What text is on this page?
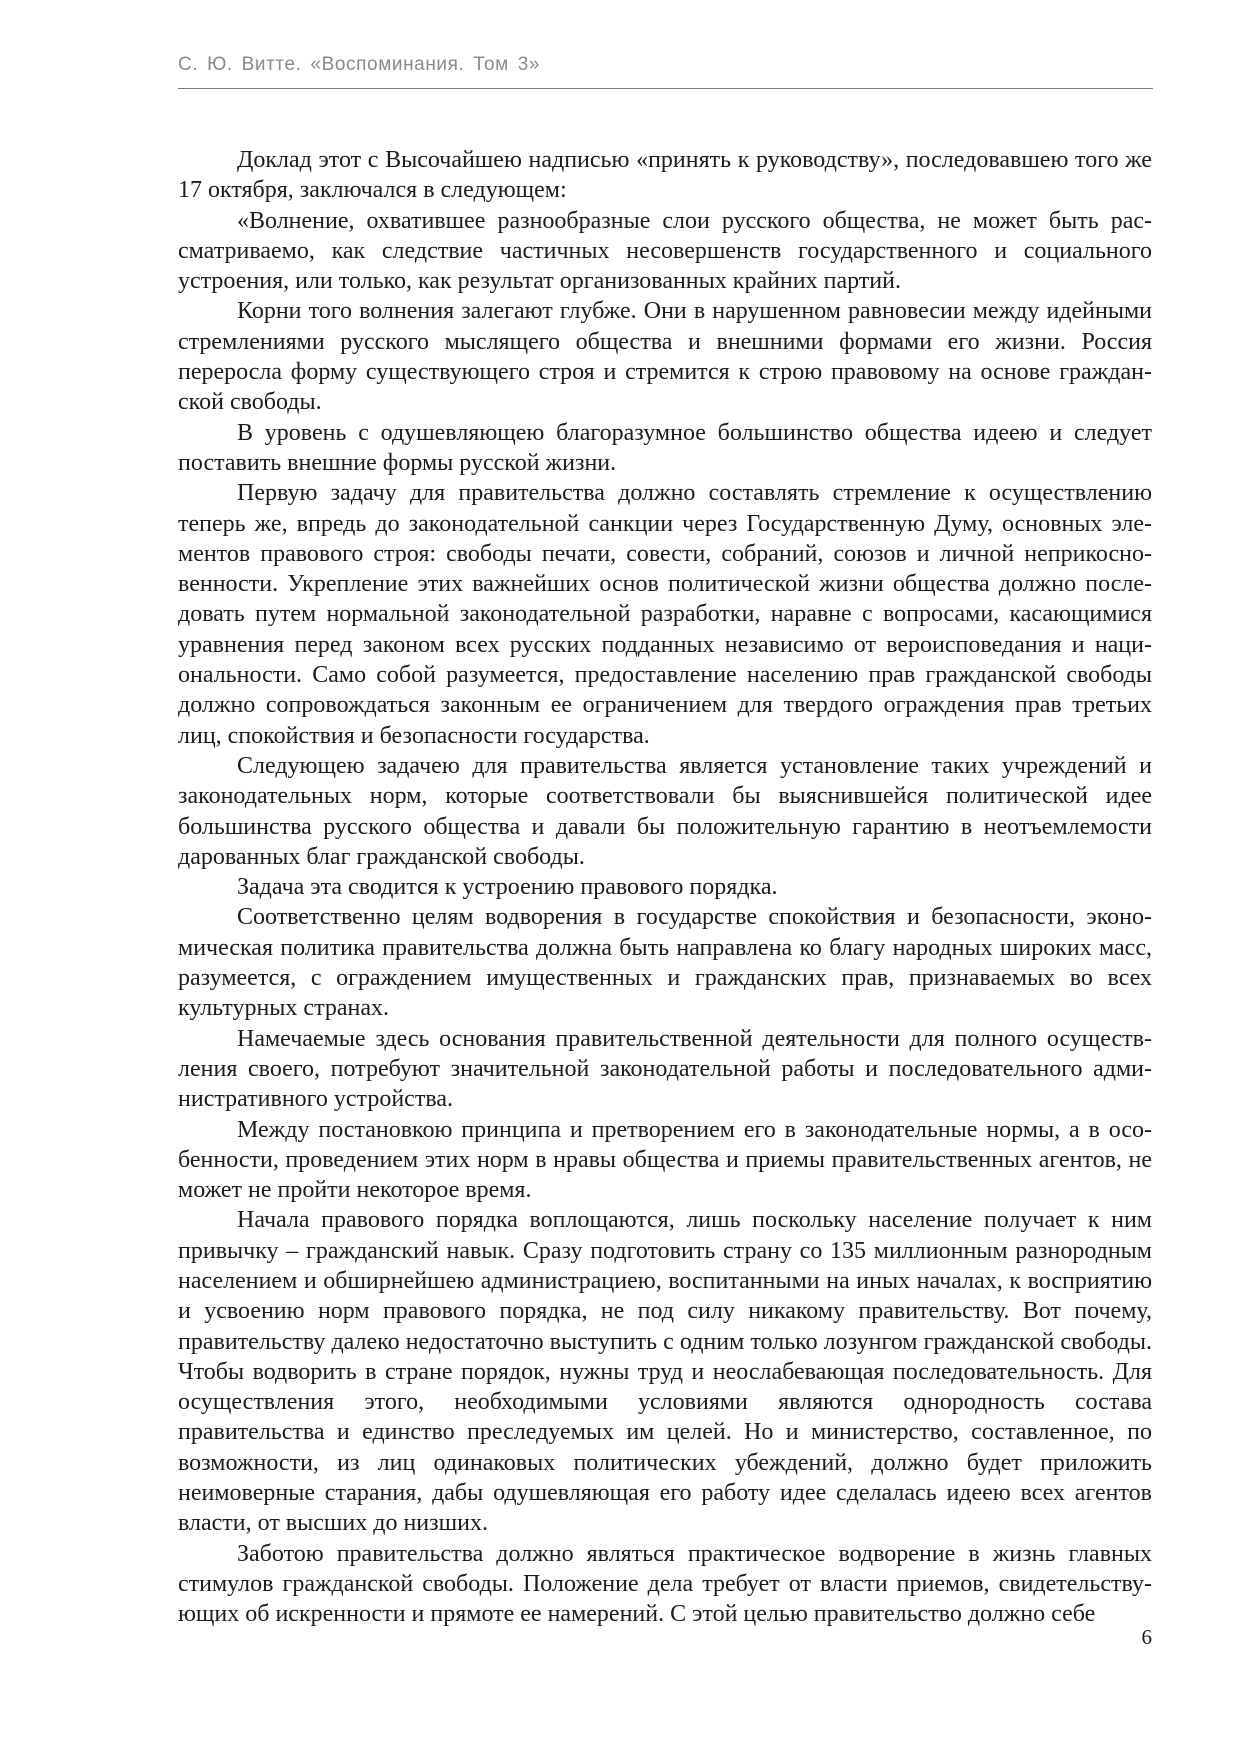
С. Ю. Витте. «Воспоминания. Том 3»

Доклад этот с Высочайшею надписью «принять к руководству», последовавшею того же 17 октября, заключался в следующем:

«Волнение, охватившее разнообразные слои русского общества, не может быть рассматриваемо, как следствие частичных несовершенств государственного и социального устроения, или только, как результат организованных крайних партий.

Корни того волнения залегают глубже. Они в нарушенном равновесии между идейными стремлениями русского мыслящего общества и внешними формами его жизни. Россия переросла форму существующего строя и стремится к строю правовому на основе гражданской свободы.

В уровень с одушевляющею благоразумное большинство общества идеею и следует поставить внешние формы русской жизни.

Первую задачу для правительства должно составлять стремление к осуществлению теперь же, впредь до законодательной санкции через Государственную Думу, основных элементов правового строя: свободы печати, совести, собраний, союзов и личной неприкосновенности. Укрепление этих важнейших основ политической жизни общества должно последовать путем нормальной законодательной разработки, наравне с вопросами, касающимися уравнения перед законом всех русских подданных независимо от вероисповедания и национальности. Само собой разумеется, предоставление населению прав гражданской свободы должно сопровождаться законным ее ограничением для твердого ограждения прав третьих лиц, спокойствия и безопасности государства.

Следующею задачею для правительства является установление таких учреждений и законодательных норм, которые соответствовали бы выяснившейся политической идее большинства русского общества и давали бы положительную гарантию в неотъемлемости дарованных благ гражданской свободы.

Задача эта сводится к устроению правового порядка.

Соответственно целям водворения в государстве спокойствия и безопасности, экономическая политика правительства должна быть направлена ко благу народных широких масс, разумеется, с ограждением имущественных и гражданских прав, признаваемых во всех культурных странах.

Намечаемые здесь основания правительственной деятельности для полного осуществления своего, потребуют значительной законодательной работы и последовательного административного устройства.

Между постановкою принципа и претворением его в законодательные нормы, а в особенности, проведением этих норм в нравы общества и приемы правительственных агентов, не может не пройти некоторое время.

Начала правового порядка воплощаются, лишь поскольку население получает к ним привычку – гражданский навык. Сразу подготовить страну со 135 миллионным разнородным населением и обширнейшею администрациею, воспитанными на иных началах, к восприятию и усвоению норм правового порядка, не под силу никакому правительству. Вот почему, правительству далеко недостаточно выступить с одним только лозунгом гражданской свободы. Чтобы водворить в стране порядок, нужны труд и неослабевающая последовательность. Для осуществления этого, необходимыми условиями являются однородность состава правительства и единство преследуемых им целей. Но и министерство, составленное, по возможности, из лиц одинаковых политических убеждений, должно будет приложить неимоверные старания, дабы одушевляющая его работу идее сделалась идеею всех агентов власти, от высших до низших.

Заботою правительства должно являться практическое водворение в жизнь главных стимулов гражданской свободы. Положение дела требует от власти приемов, свидетельствующих об искренности и прямоте ее намерений. С этой целью правительство должно себе

6
